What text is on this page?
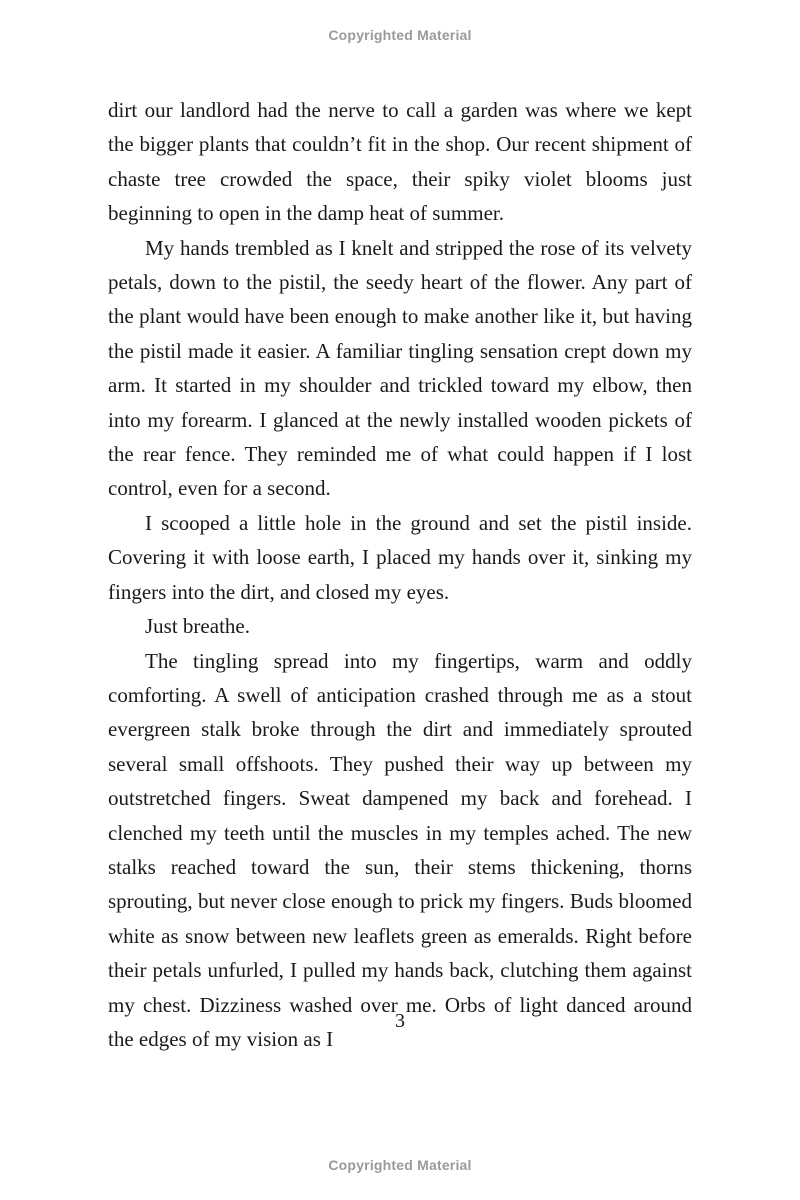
Copyrighted Material

dirt our landlord had the nerve to call a garden was where we kept the bigger plants that couldn’t fit in the shop. Our recent shipment of chaste tree crowded the space, their spiky violet blooms just beginning to open in the damp heat of summer.

My hands trembled as I knelt and stripped the rose of its velvety petals, down to the pistil, the seedy heart of the flower. Any part of the plant would have been enough to make another like it, but having the pistil made it easier. A familiar tingling sensation crept down my arm. It started in my shoulder and trickled toward my elbow, then into my forearm. I glanced at the newly installed wooden pickets of the rear fence. They reminded me of what could happen if I lost control, even for a second.

I scooped a little hole in the ground and set the pistil inside. Covering it with loose earth, I placed my hands over it, sinking my fingers into the dirt, and closed my eyes.

Just breathe.

The tingling spread into my fingertips, warm and oddly comforting. A swell of anticipation crashed through me as a stout evergreen stalk broke through the dirt and immediately sprouted several small offshoots. They pushed their way up between my outstretched fingers. Sweat dampened my back and forehead. I clenched my teeth until the muscles in my temples ached. The new stalks reached toward the sun, their stems thickening, thorns sprouting, but never close enough to prick my fingers. Buds bloomed white as snow between new leaflets green as emeralds. Right before their petals unfurled, I pulled my hands back, clutching them against my chest. Dizziness washed over me. Orbs of light danced around the edges of my vision as I

3
Copyrighted Material
